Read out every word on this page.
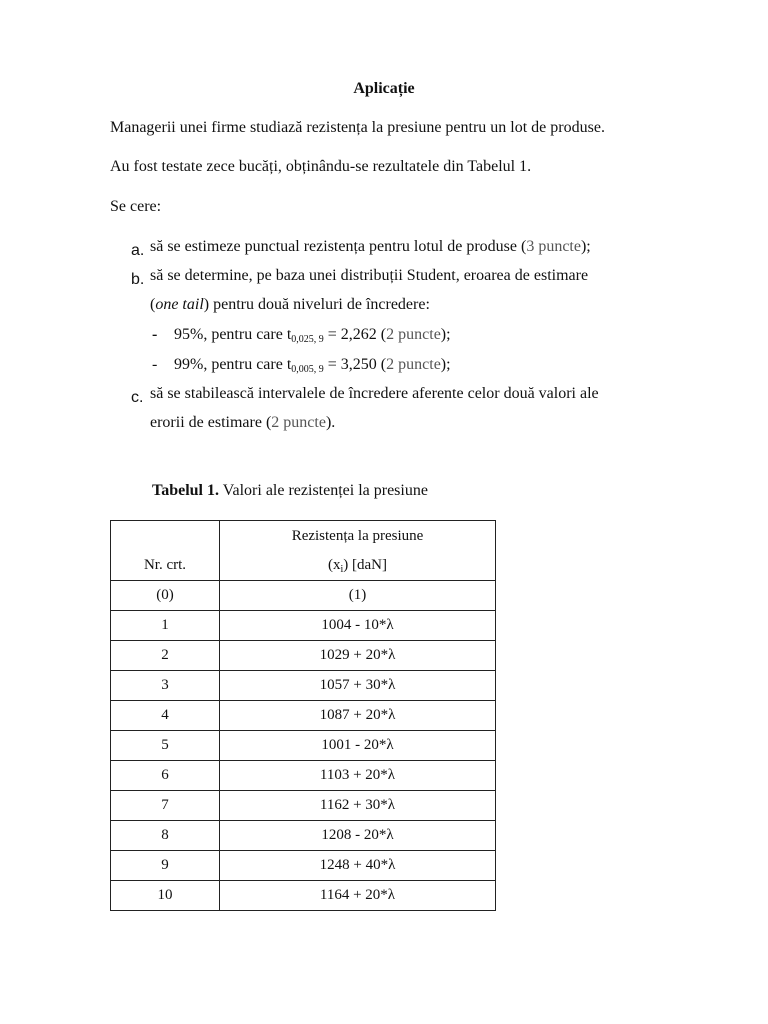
Aplicație
Managerii unei firme studiază rezistența la presiune pentru un lot de produse.
Au fost testate zece bucăți, obținându-se rezultatele din Tabelul 1.
Se cere:
a. să se estimeze punctual rezistența pentru lotul de produse (3 puncte);
b. să se determine, pe baza unei distribuții Student, eroarea de estimare
(one tail) pentru două niveluri de încredere:
- 95%, pentru care $t_{0,025, 9} = 2,262$ (2 puncte);
- 99%, pentru care $t_{0,005, 9} = 3,250$ (2 puncte);
c. să se stabilească intervalele de încredere aferente celor două valori ale
erorii de estimare (2 puncte).
Tabelul 1. Valori ale rezistenței la presiune
Nr. crt.	Rezistența la presiune
$(x_i)$ [daN]

(0)	(1)
1	1004 - 10*λ
2	1029 + 20*λ
3	1057 + 30*λ
4	1087 + 20*λ
5	1001 - 20*λ
6	1103 + 20*λ
7	1162 + 30*λ
8	1208 - 20*λ
9	1248 + 40*λ
10	1164 + 20*λ
